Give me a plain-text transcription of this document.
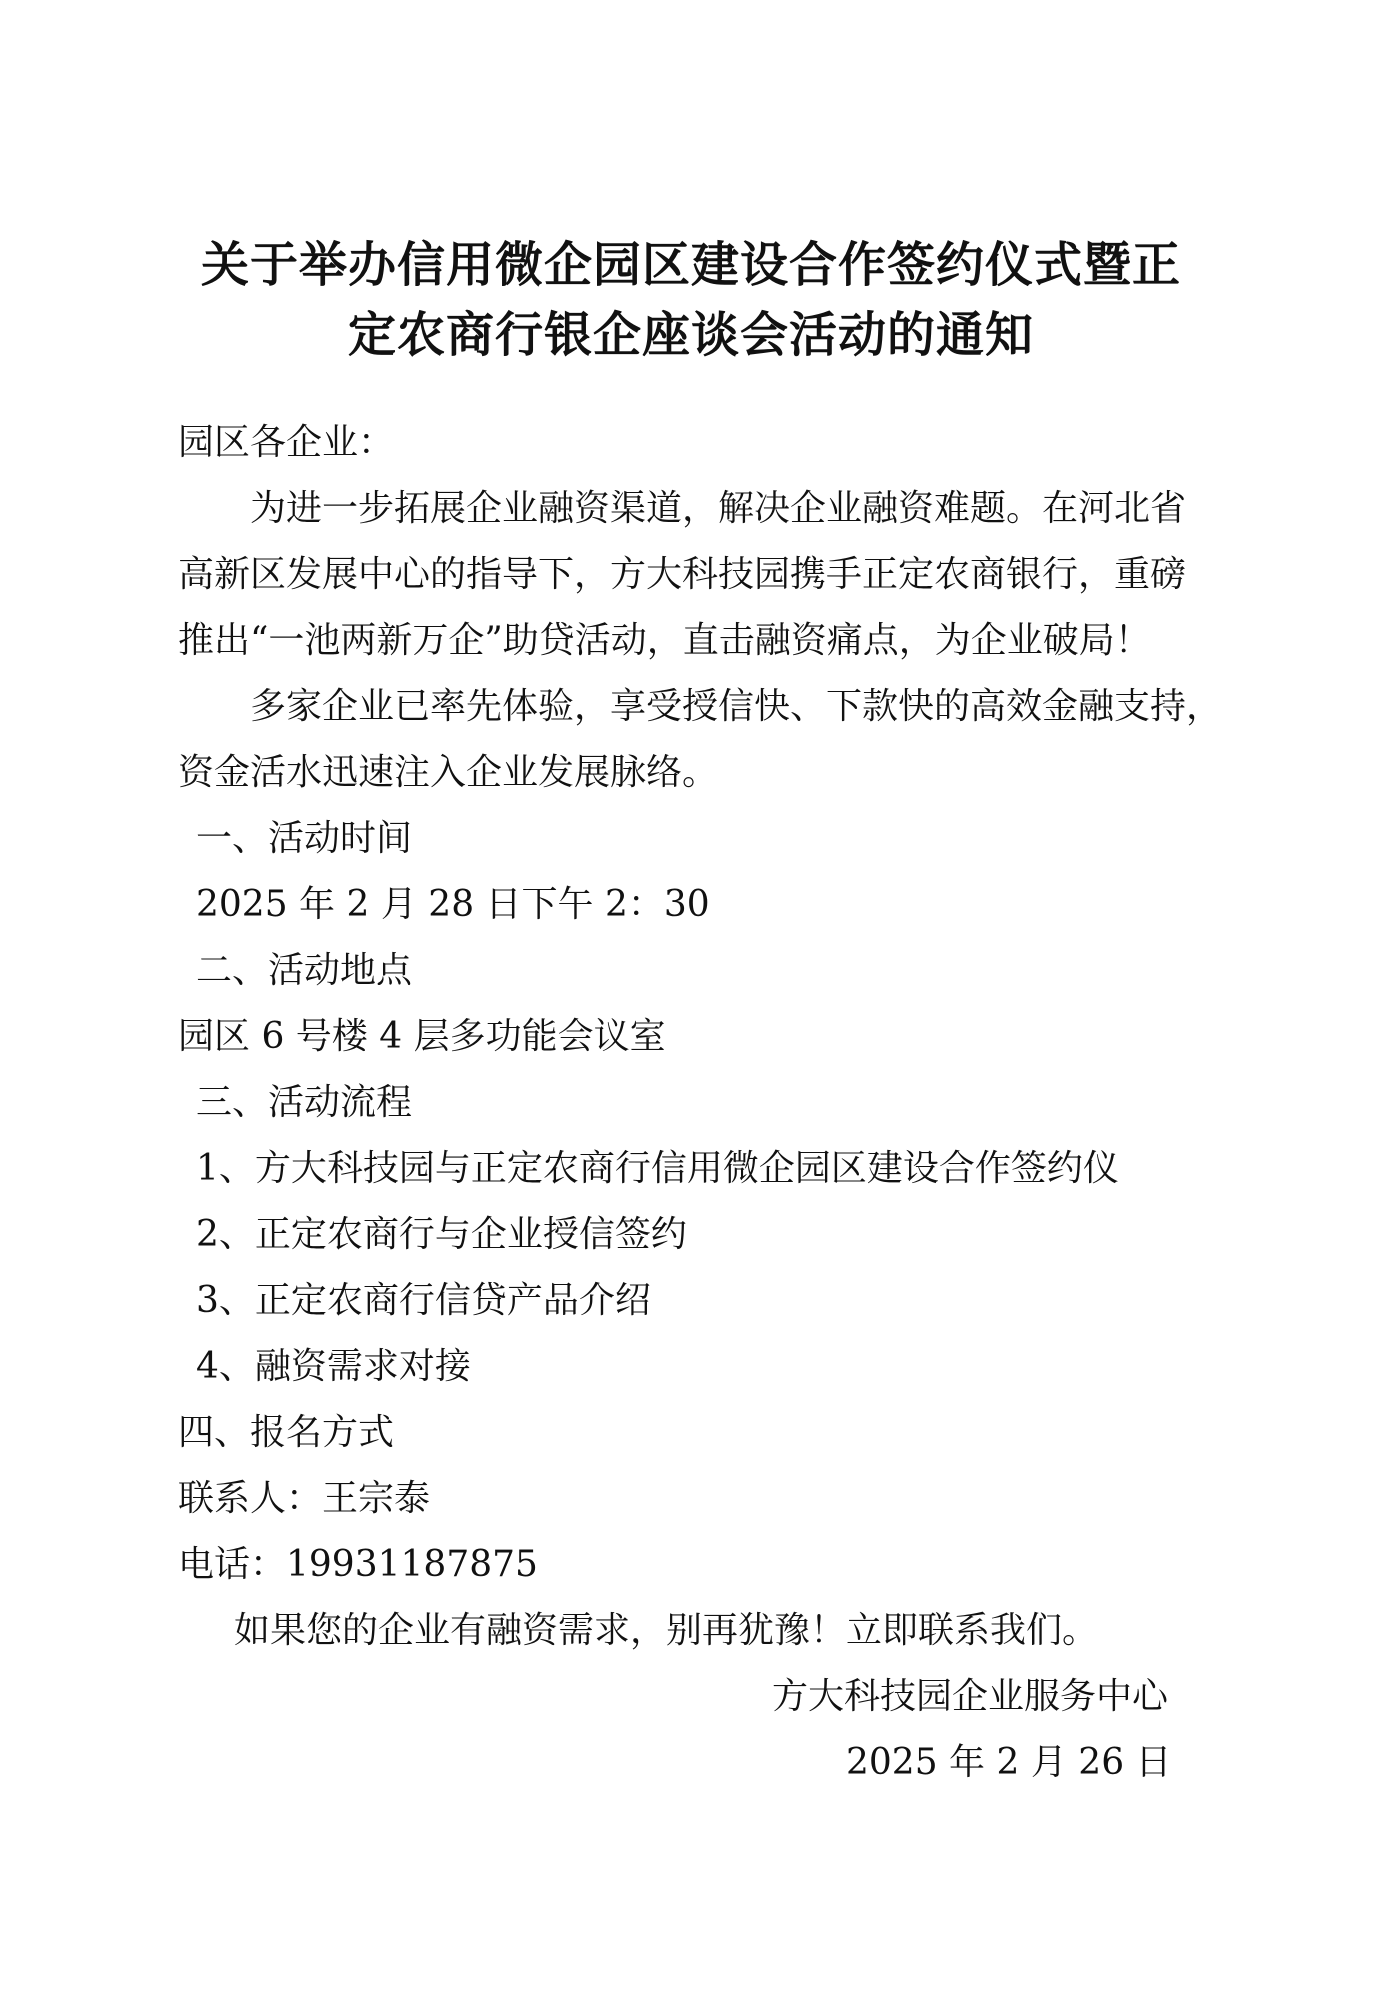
关于举办信用微企园区建设合作签约仪式暨正
定农商行银企座谈会活动的通知

园区各企业：

为进一步拓展企业融资渠道，解决企业融资难题。在河北省

高新区发展中心的指导下，方大科技园携手正定农商银行，重磅

推出“一池两新万企”助贷活动，直击融资痛点，为企业破局！

多家企业已率先体验，享受授信快、下款快的高效金融支持，

资金活水迅速注入企业发展脉络。

一、活动时间

2025 年 2 月 28 日下午 2：30

二、活动地点

园区 6 号楼 4 层多功能会议室

三、活动流程

1、方大科技园与正定农商行信用微企园区建设合作签约仪

2、正定农商行与企业授信签约

3、正定农商行信贷产品介绍

4、融资需求对接

四、报名方式

联系人：王宗泰

电话：19931187875

如果您的企业有融资需求，别再犹豫！立即联系我们。

方大科技园企业服务中心

2025 年 2 月 26 日
